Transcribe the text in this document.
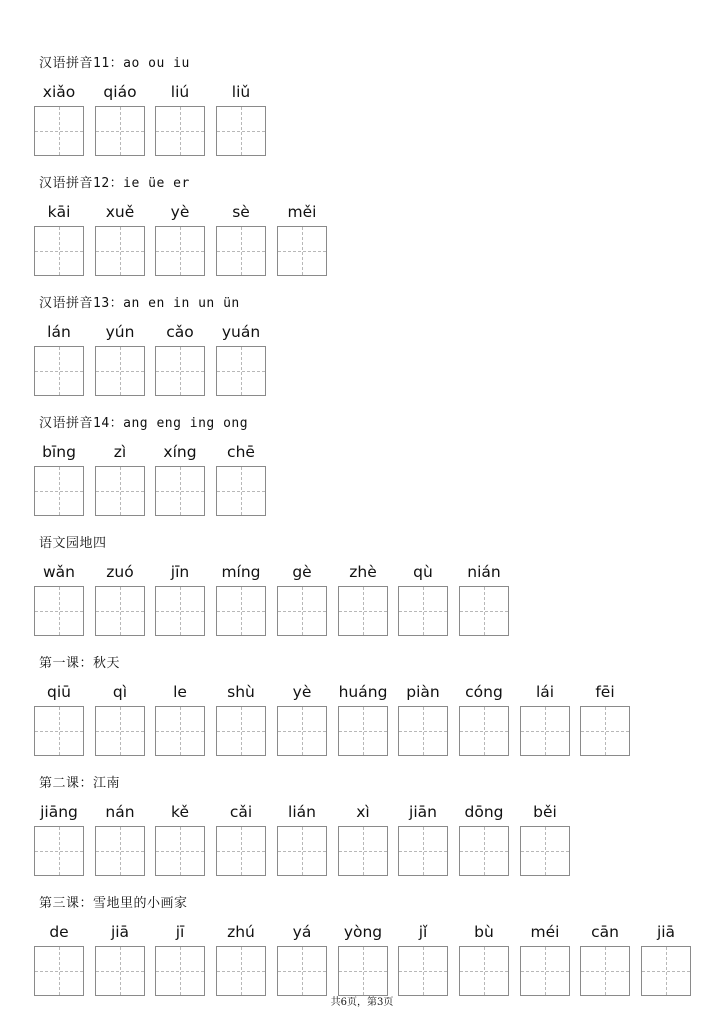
汉语拼音11：ao ou iu
xiǎo	qiáo	liú	liǔ
汉语拼音12：ie üe er
kāi	xuě	yè	sè	měi
汉语拼音13：an en in un ün
lán	yún	cǎo	yuán
汉语拼音14：ang eng ing ong
bīng	zì	xíng	chē
语文园地四
wǎn	zuó	jīn	míng	gè	zhè	qù	nián
第一课：秋天
qiū	qì	le	shù	yè	huáng	piàn	cóng	lái	fēi
第二课：江南
jiāng	nán	kě	cǎi	lián	xì	jiān	dōng	běi
第三课：雪地里的小画家
de	jiā	jī	zhú	yá	yòng	jǐ	bù	méi	cān	jiā
共6页，第3页
